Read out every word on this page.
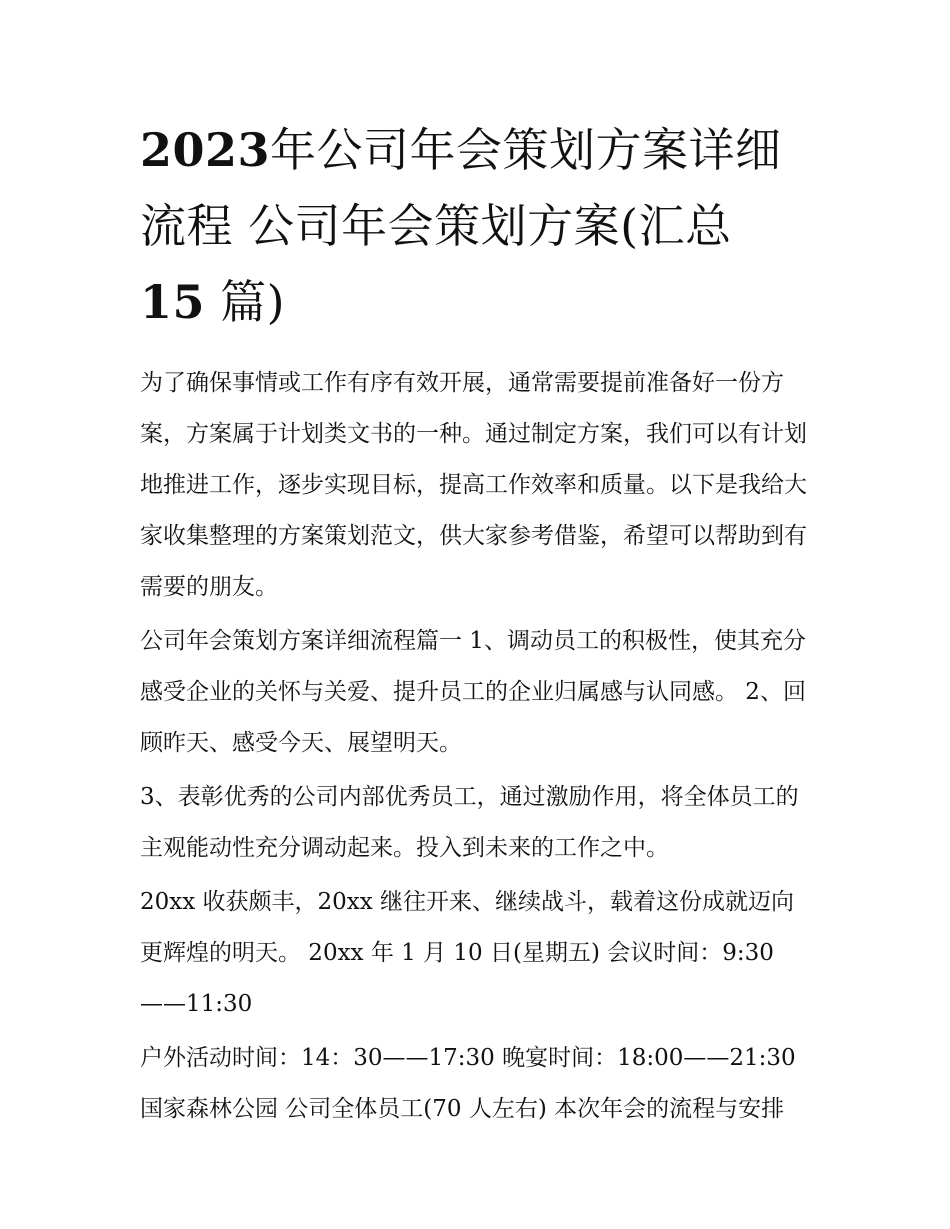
2023年公司年会策划方案详细流程 公司年会策划方案(汇总
15 篇)

为了确保事情或工作有序有效开展，通常需要提前准备好一份方案，方案属于计划类文书的一种。通过制定方案，我们可以有计划地推进工作，逐步实现目标，提高工作效率和质量。以下是我给大家收集整理的方案策划范文，供大家参考借鉴，希望可以帮助到有需要的朋友。

公司年会策划方案详细流程篇一 1、调动员工的积极性，使其充分感受企业的关怀与关爱、提升员工的企业归属感与认同感。 2、回顾昨天、感受今天、展望明天。

3、表彰优秀的公司内部优秀员工，通过激励作用，将全体员工的主观能动性充分调动起来。投入到未来的工作之中。

20xx 收获颇丰，20xx 继往开来、继续战斗，载着这份成就迈向更辉煌的明天。 20xx 年 1 月 10 日(星期五) 会议时间：9:30——11:30

户外活动时间：14：30——17:30 晚宴时间：18:00——21:30 国家森林公园 公司全体员工(70 人左右) 本次年会的流程与安排
